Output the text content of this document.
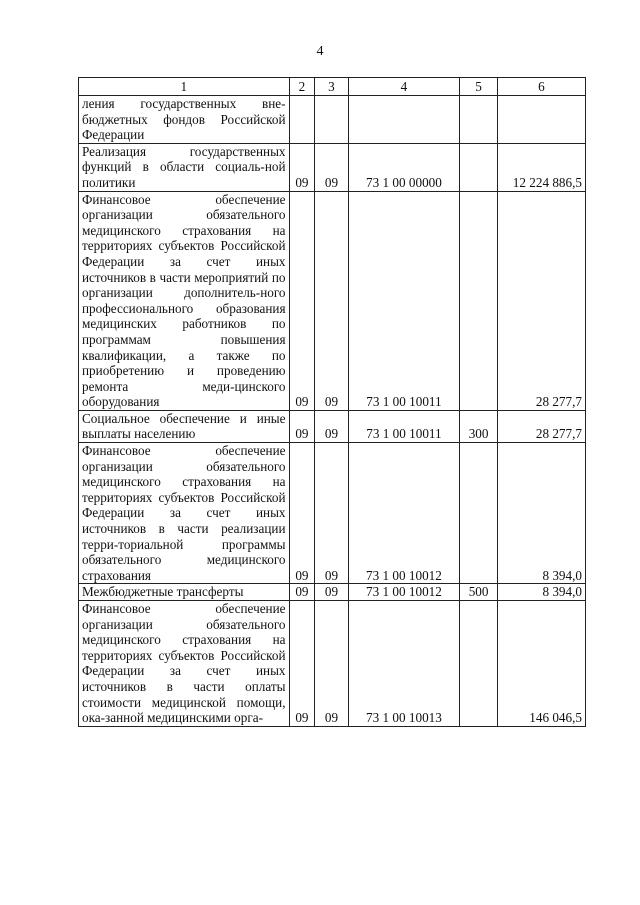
4
1	2	3	4	5	6
ления государственных вне-бюджетных фондов Российской Федерации					
Реализация государственных функций в области социаль-ной политики	09	09	73 1 00 00000		12 224 886,5
Финансовое обеспечение организации обязательного медицинского страхования на территориях субъектов Российской Федерации за счет иных источников в части мероприятий по организации дополнитель-ного профессионального образования медицинских работников по программам повышения квалификации, а также по приобретению и проведению ремонта меди-цинского оборудования	09	09	73 1 00 10011		28 277,7
Социальное обеспечение и иные выплаты населению	09	09	73 1 00 10011	300	28 277,7
Финансовое обеспечение организации обязательного медицинского страхования на территориях субъектов Российской Федерации за счет иных источников в части реализации терри-ториальной программы обязательного медицинского страхования	09	09	73 1 00 10012		8 394,0
Межбюджетные трансферты	09	09	73 1 00 10012	500	8 394,0
Финансовое обеспечение организации обязательного медицинского страхования на территориях субъектов Российской Федерации за счет иных источников в части оплаты стоимости медицинской помощи, ока-занной медицинскими орга-	09	09	73 1 00 10013		146 046,5
